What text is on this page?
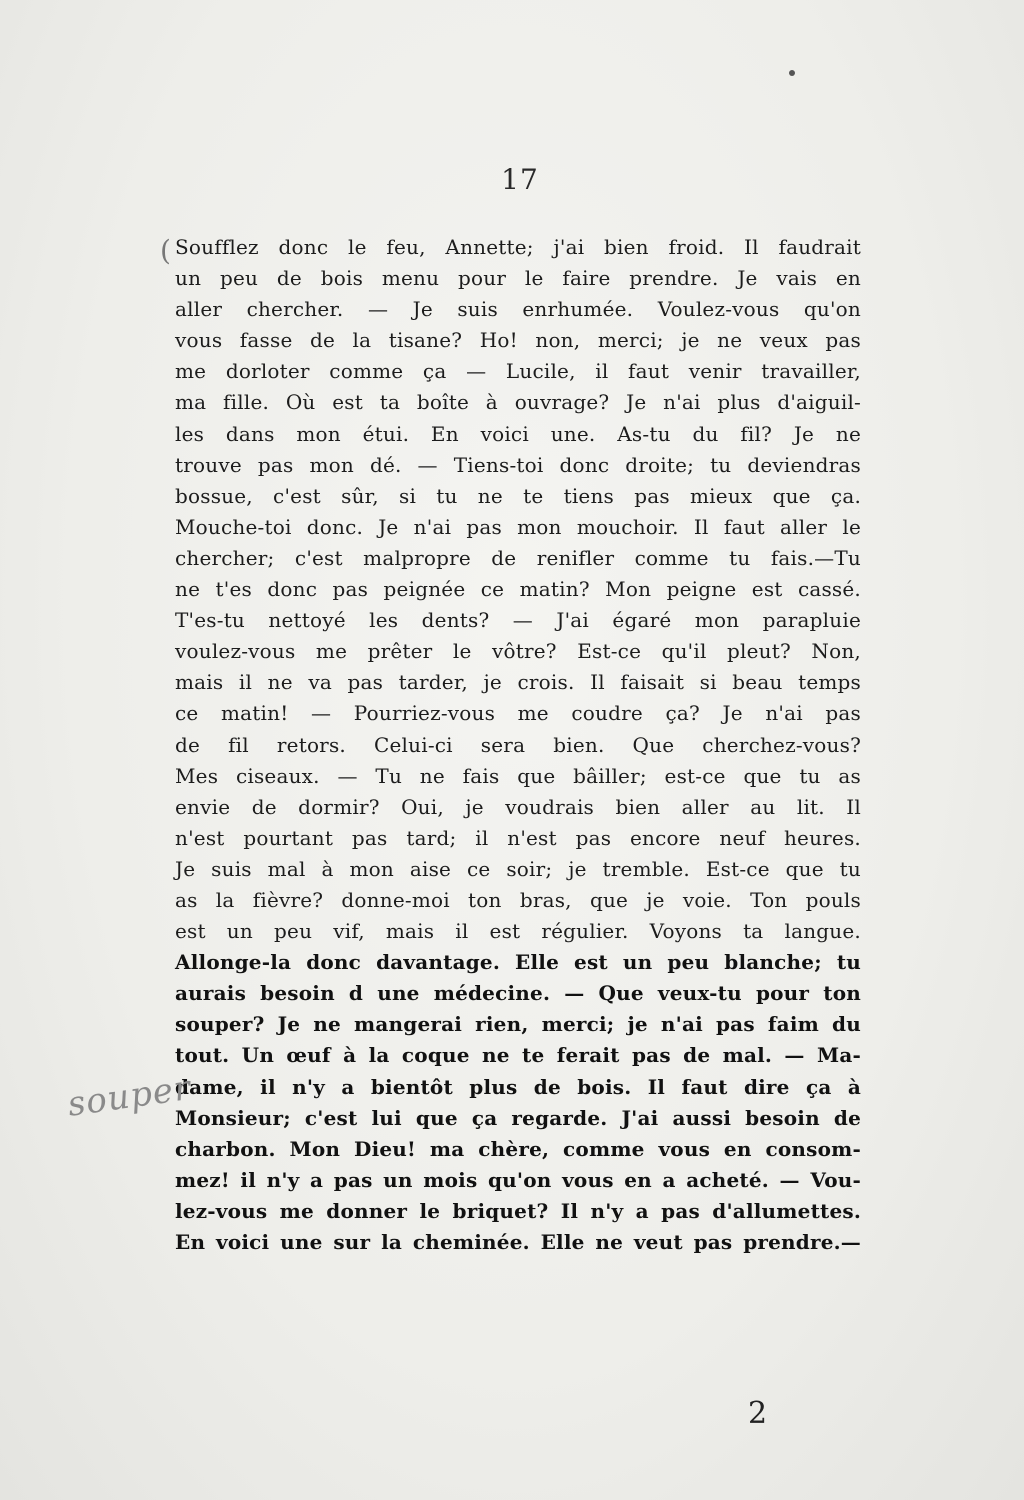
17
( Soufflez donc le feu, Annette; j'ai bien froid. Il faudrait
un peu de bois menu pour le faire prendre. Je vais en
aller chercher. — Je suis enrhumée. Voulez-vous qu'on
vous fasse de la tisane? Ho! non, merci; je ne veux pas
me dorloter comme ça — Lucile, il faut venir travailler,
ma fille. Où est ta boîte à ouvrage? Je n'ai plus d'aiguil-
les dans mon étui. En voici une. As-tu du fil? Je ne
trouve pas mon dé. — Tiens-toi donc droite; tu deviendras
bossue, c'est sûr, si tu ne te tiens pas mieux que ça.
Mouche-toi donc. Je n'ai pas mon mouchoir. Il faut aller le
chercher; c'est malpropre de renifler comme tu fais.—Tu
ne t'es donc pas peignée ce matin? Mon peigne est cassé.
T'es-tu nettoyé les dents? — J'ai égaré mon parapluie
voulez-vous me prêter le vôtre? Est-ce qu'il pleut? Non,
mais il ne va pas tarder, je crois. Il faisait si beau temps
ce matin! — Pourriez-vous me coudre ça? Je n'ai pas
de fil retors. Celui-ci sera bien. Que cherchez-vous?
Mes ciseaux. — Tu ne fais que bâiller; est-ce que tu as
envie de dormir? Oui, je voudrais bien aller au lit. Il
n'est pourtant pas tard; il n'est pas encore neuf heures.
Je suis mal à mon aise ce soir; je tremble. Est-ce que tu
as la fièvre? donne-moi ton bras, que je voie. Ton pouls
est un peu vif, mais il est régulier. Voyons ta langue.
Allonge-la donc davantage. Elle est un peu blanche; tu
aurais besoin d une médecine. — Que veux-tu pour ton
souper? Je ne mangerai rien, merci; je n'ai pas faim du
tout. Un œuf à la coque ne te ferait pas de mal. — Ma-
dame, il n'y a bientôt plus de bois. Il faut dire ça à
Monsieur; c'est lui que ça regarde. J'ai aussi besoin de
charbon. Mon Dieu! ma chère, comme vous en consom-
mez! il n'y a pas un mois qu'on vous en a acheté. — Vou-
lez-vous me donner le briquet? Il n'y a pas d'allumettes.
En voici une sur la cheminée. Elle ne veut pas prendre.—
souper
2
